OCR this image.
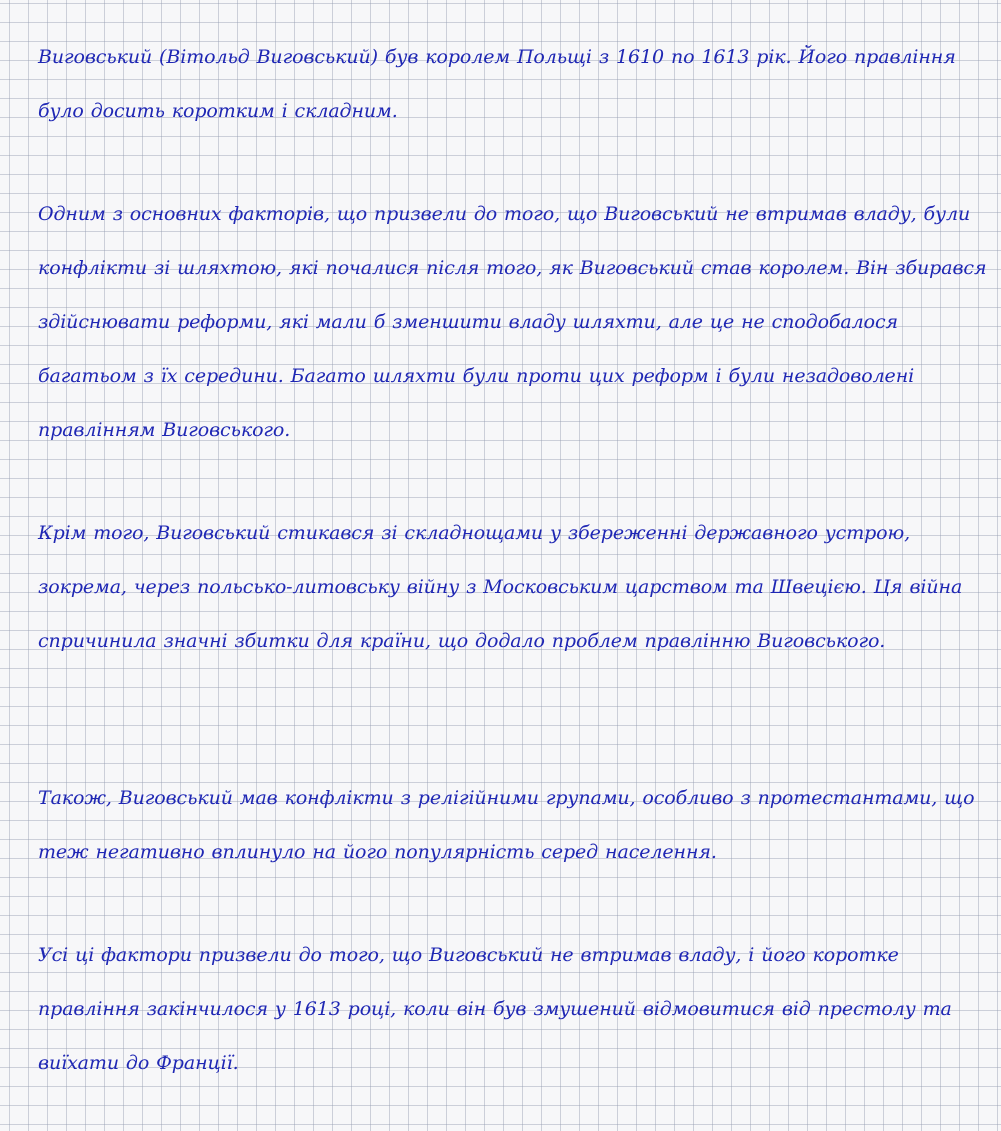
Виговський (Вітольд Виговський) був королем Польщі з 1610 по 1613 рік. Його правління було досить коротким і складним.

Одним з основних факторів, що призвели до того, що Виговський не втримав владу, були конфлікти зі шляхтою, які почалися після того, як Виговський став королем. Він збирався здійснювати реформи, які мали б зменшити владу шляхти, але це не сподобалося багатьом з їх середини. Багато шляхти були проти цих реформ і були незадоволені правлінням Виговського.

Крім того, Виговський стикався зі складнощами у збереженні державного устрою, зокрема, через польсько-литовську війну з Московським царством та Швецією. Ця війна спричинила значні збитки для країни, що додало проблем правлінню Виговського.

Також, Виговський мав конфлікти з релігійними групами, особливо з протестантами, що теж негативно вплинуло на його популярність серед населення.

Усі ці фактори призвели до того, що Виговський не втримав владу, і його коротке правління закінчилося у 1613 році, коли він був змушений відмовитися від престолу та виїхати до Франції.
